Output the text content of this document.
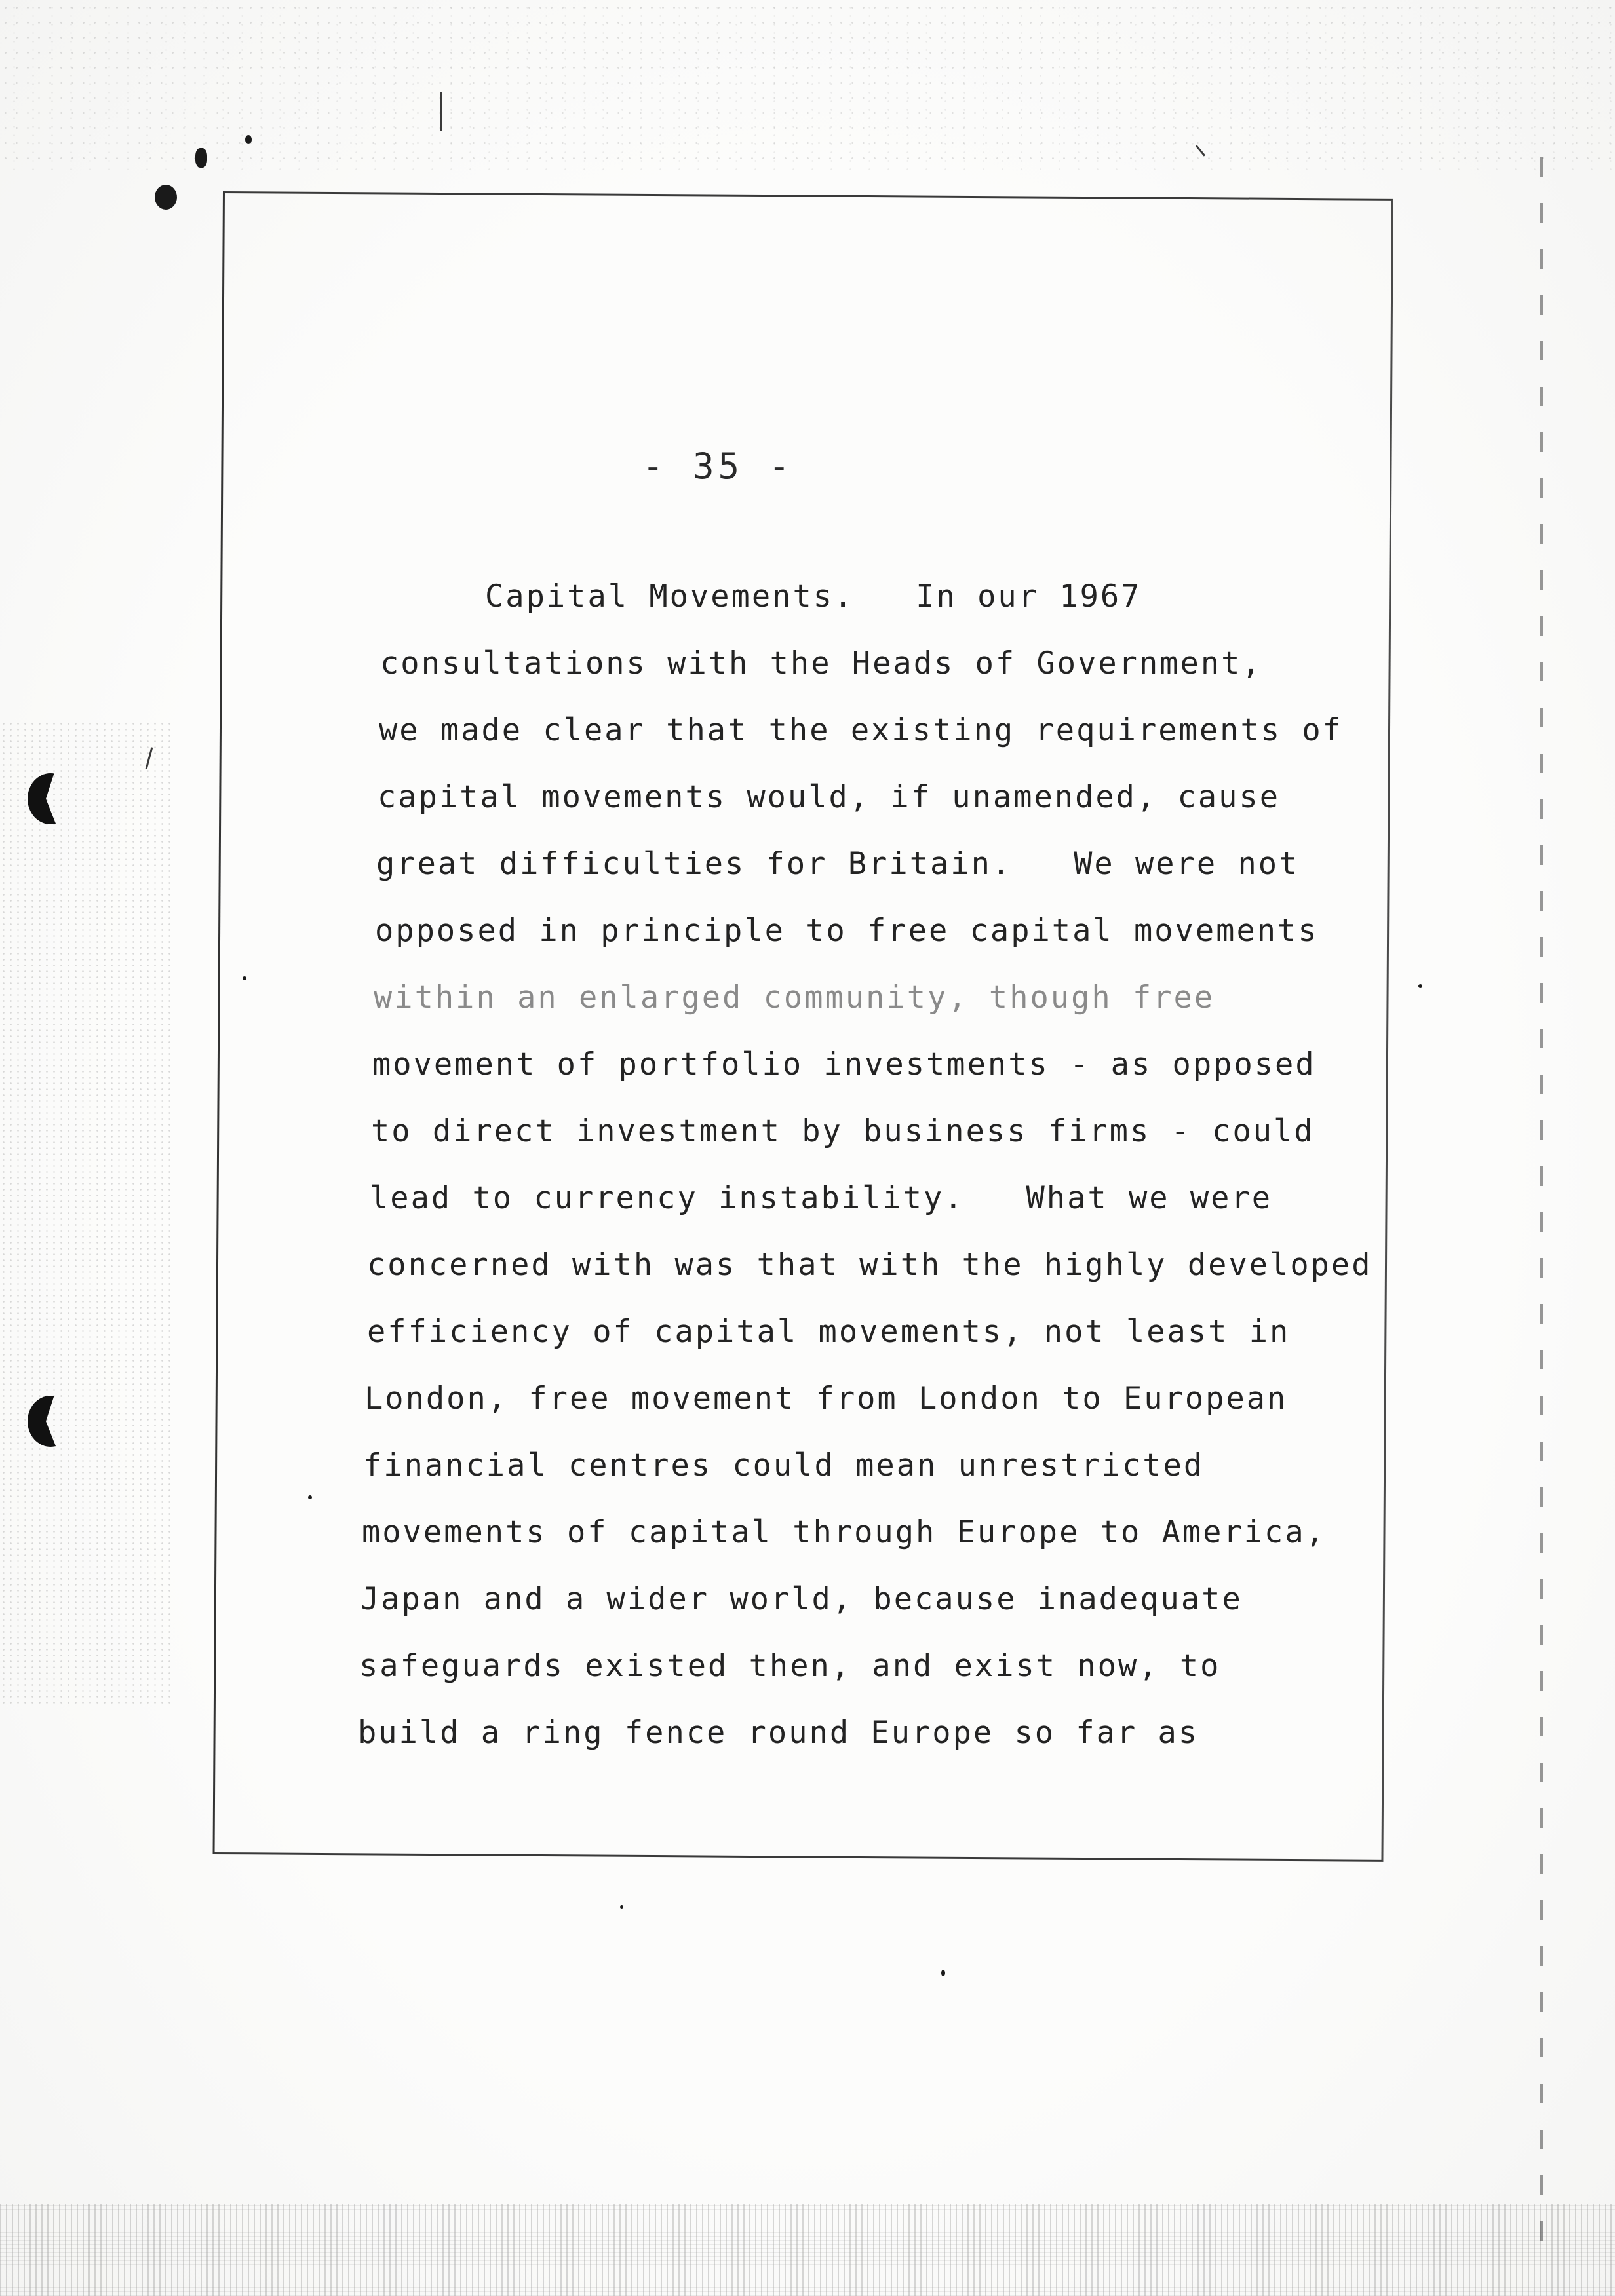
- 35 -
Capital Movements.   In our 1967
consultations with the Heads of Government,
we made clear that the existing requirements of
capital movements would, if unamended, cause
great difficulties for Britain.   We were not
opposed in principle to free capital movements
within an enlarged community, though free
movement of portfolio investments - as opposed
to direct investment by business firms - could
lead to currency instability.   What we were
concerned with was that with the highly developed
efficiency of capital movements, not least in
London, free movement from London to European
financial centres could mean unrestricted
movements of capital through Europe to America,
Japan and a wider world, because inadequate
safeguards existed then, and exist now, to
build a ring fence round Europe so far as
